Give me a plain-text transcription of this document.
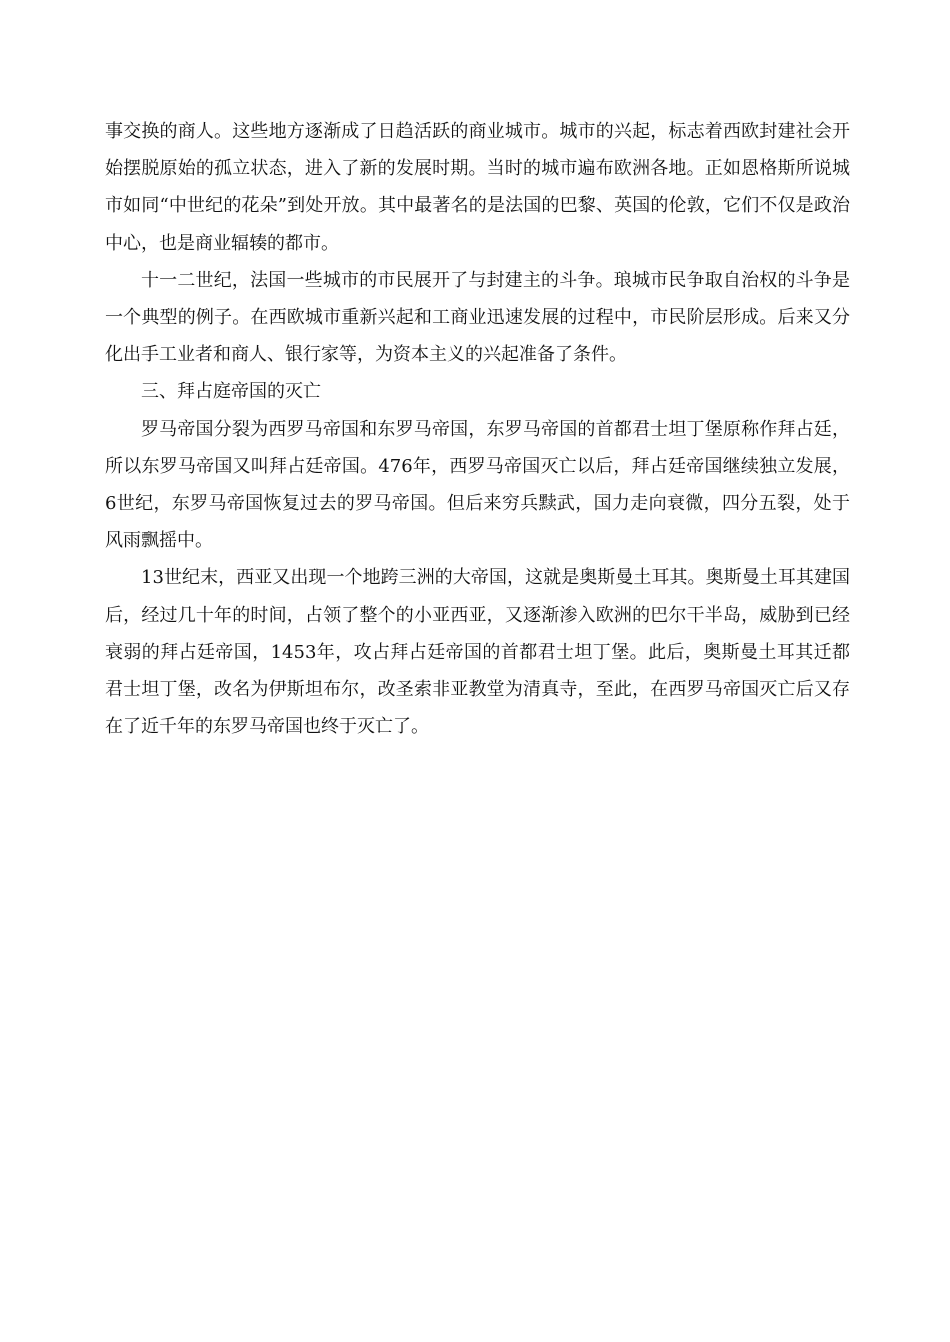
事交换的商人。这些地方逐渐成了日趋活跃的商业城市。城市的兴起，标志着西欧封建社会开始摆脱原始的孤立状态，进入了新的发展时期。当时的城市遍布欧洲各地。正如恩格斯所说城市如同“中世纪的花朵”到处开放。其中最著名的是法国的巴黎、英国的伦敦，它们不仅是政治中心，也是商业辐辏的都市。

十一二世纪，法国一些城市的市民展开了与封建主的斗争。琅城市民争取自治权的斗争是一个典型的例子。在西欧城市重新兴起和工商业迅速发展的过程中，市民阶层形成。后来又分化出手工业者和商人、银行家等，为资本主义的兴起准备了条件。

三、拜占庭帝国的灭亡

罗马帝国分裂为西罗马帝国和东罗马帝国，东罗马帝国的首都君士坦丁堡原称作拜占廷，所以东罗马帝国又叫拜占廷帝国。476年，西罗马帝国灭亡以后，拜占廷帝国继续独立发展， 6世纪，东罗马帝国恢复过去的罗马帝国。但后来穷兵黩武，国力走向衰微，四分五裂，处于风雨飘摇中。

13世纪末，西亚又出现一个地跨三洲的大帝国，这就是奥斯曼土耳其。奥斯曼土耳其建国后，经过几十年的时间，占领了整个的小亚西亚，又逐渐渗入欧洲的巴尔干半岛，威胁到已经衰弱的拜占廷帝国，1453年，攻占拜占廷帝国的首都君士坦丁堡。此后，奥斯曼土耳其迁都君士坦丁堡，改名为伊斯坦布尔，改圣索非亚教堂为清真寺，至此，在西罗马帝国灭亡后又存在了近千年的东罗马帝国也终于灭亡了。
